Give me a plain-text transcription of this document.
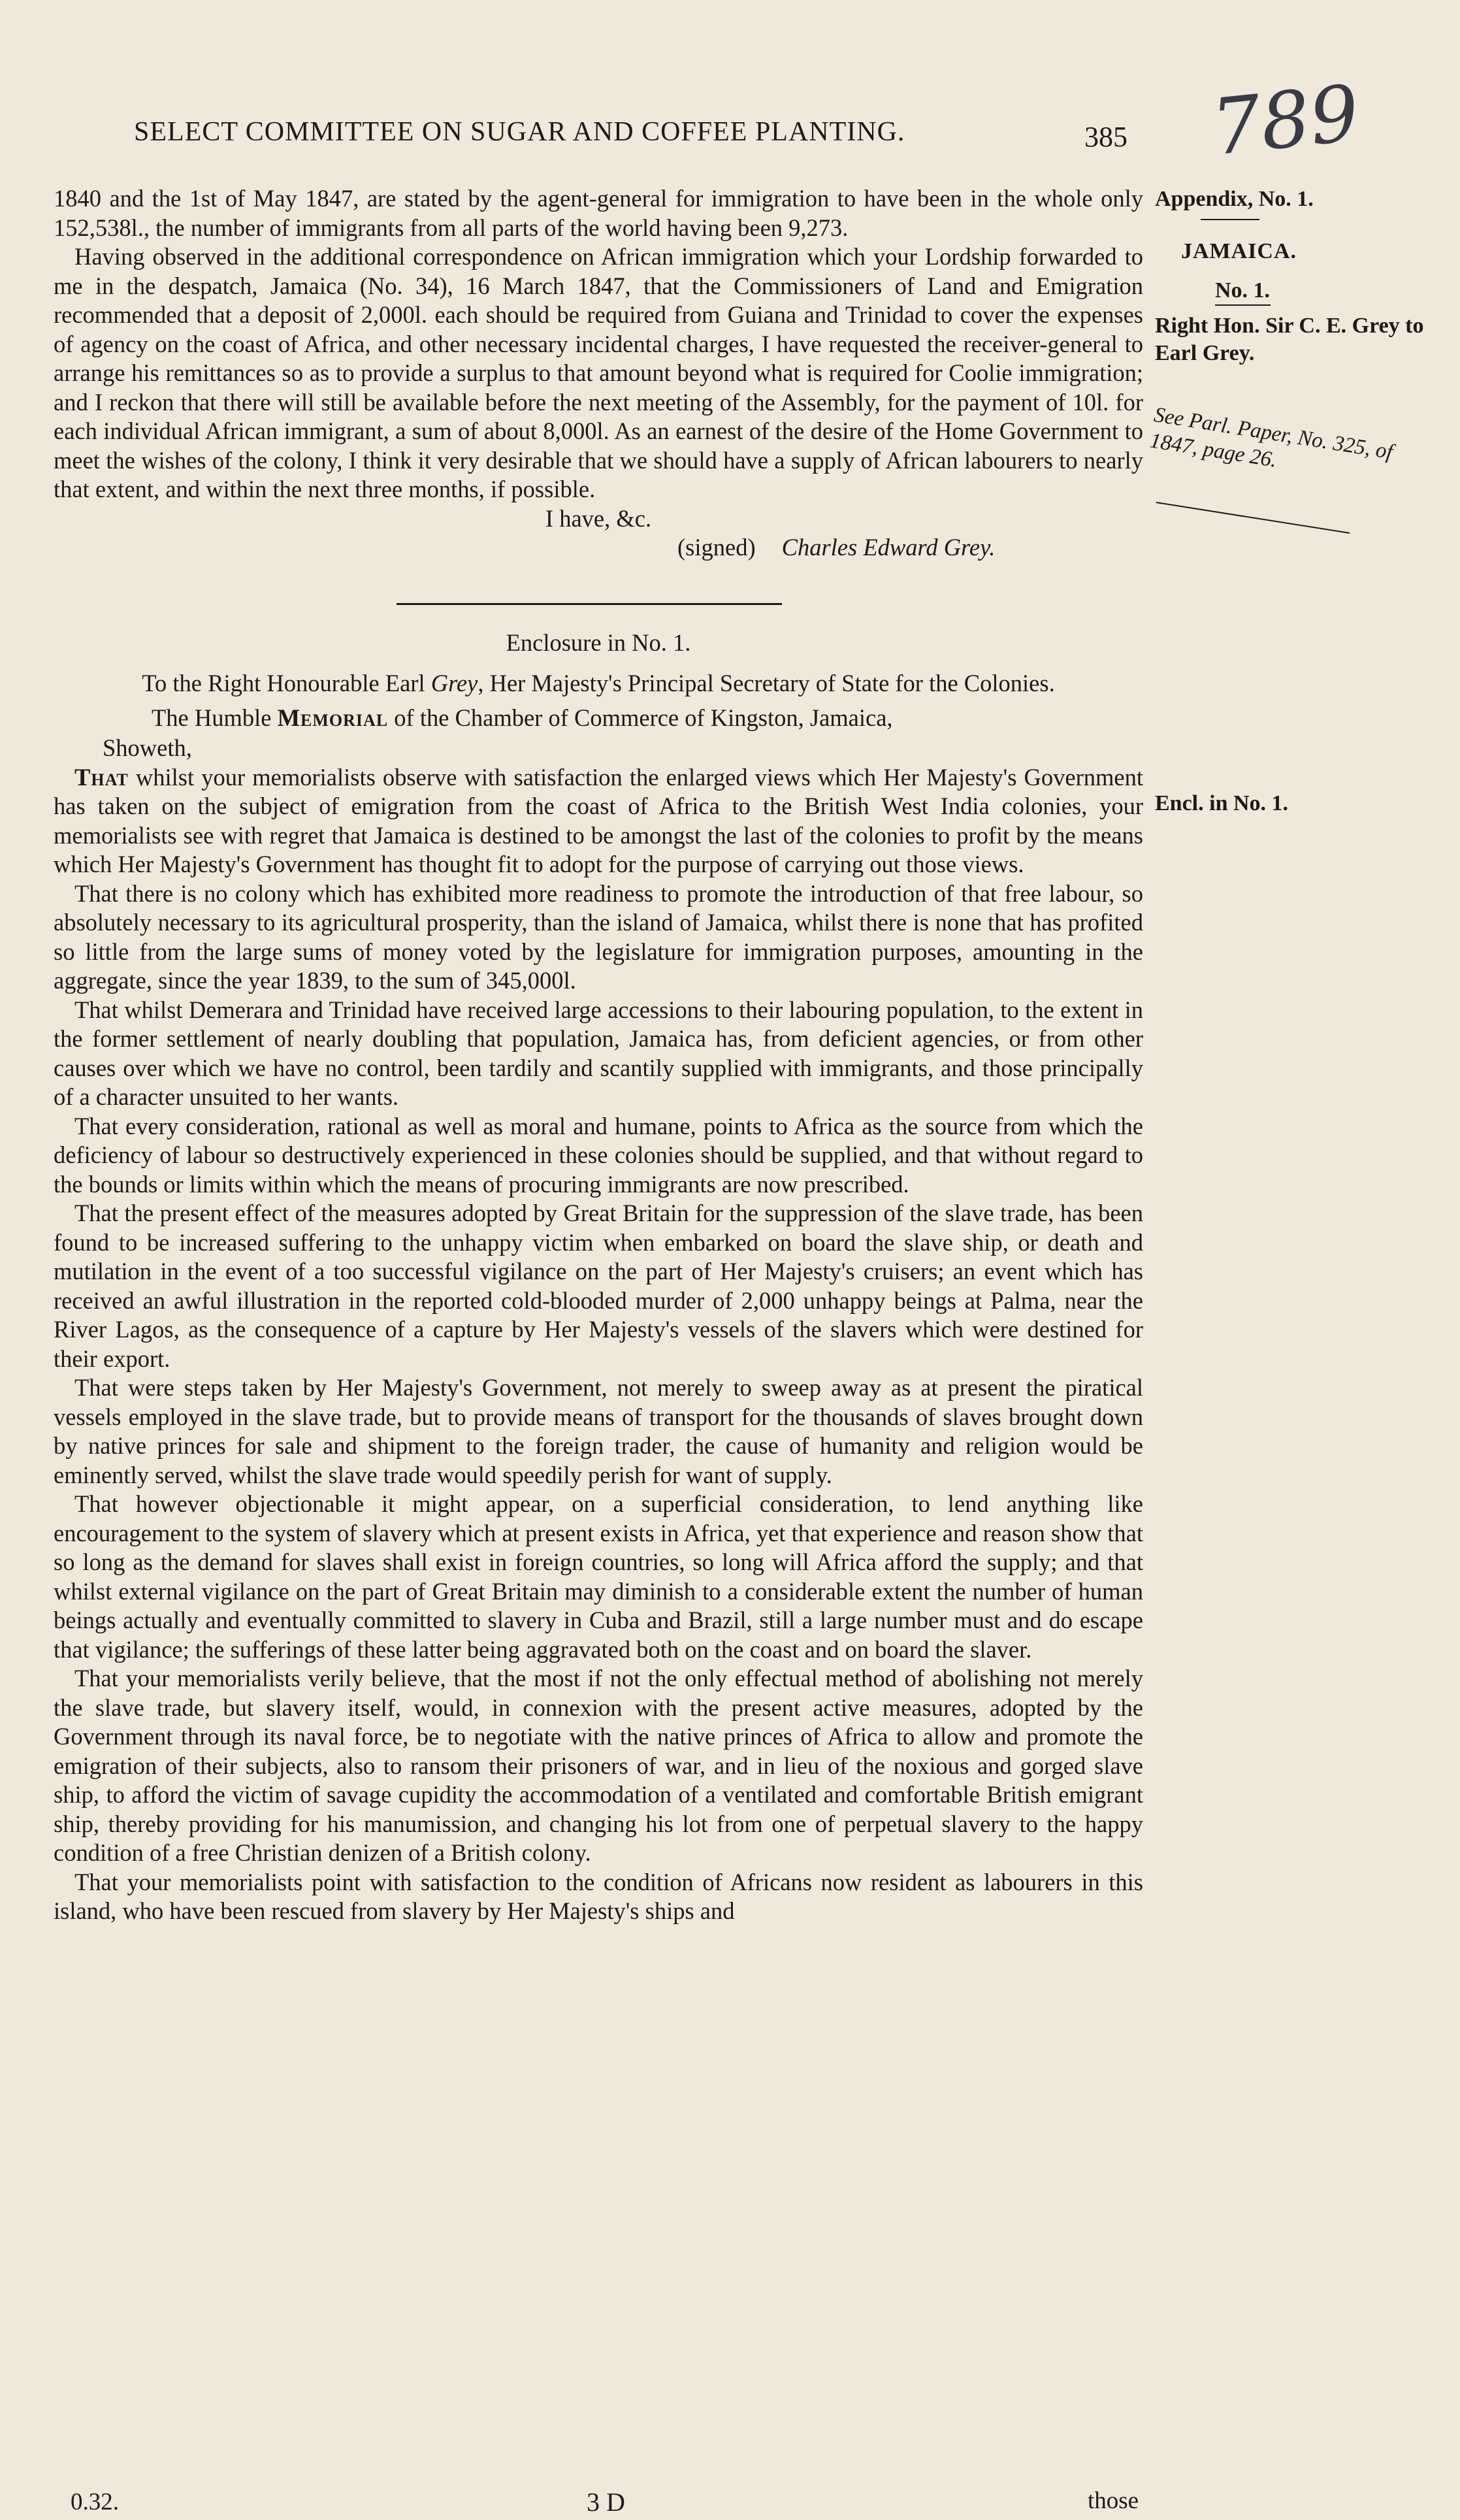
SELECT COMMITTEE ON SUGAR AND COFFEE PLANTING.	385 789
Appendix, No. 1.
JAMAICA.
No. 1.
Right Hon. Sir C. E. Grey to Earl Grey.
See Parl. Paper, No. 325, of 1847, page 26.
Encl. in No. 1.

1840 and the 1st of May 1847, are stated by the agent-general for immigration to have been in the whole only 152,538l., the number of immigrants from all parts of the world having been 9,273.

Having observed in the additional correspondence on African immigration which your Lordship forwarded to me in the despatch, Jamaica (No. 34), 16 March 1847, that the Commissioners of Land and Emigration recommended that a deposit of 2,000l. each should be required from Guiana and Trinidad to cover the expenses of agency on the coast of Africa, and other necessary incidental charges, I have requested the receiver-general to arrange his remittances so as to provide a surplus to that amount beyond what is required for Coolie immigration; and I reckon that there will still be available before the next meeting of the Assembly, for the payment of 10l. for each individual African immigrant, a sum of about 8,000l. As an earnest of the desire of the Home Government to meet the wishes of the colony, I think it very desirable that we should have a supply of African labourers to nearly that extent, and within the next three months, if possible.

I have, &c.

(signed) Charles Edward Grey.

Enclosure in No. 1.

To the Right Honourable Earl Grey, Her Majesty's Principal Secretary of State for the Colonies.

The Humble Memorial of the Chamber of Commerce of Kingston, Jamaica,

Showeth,

That whilst your memorialists observe with satisfaction the enlarged views which Her Majesty's Government has taken on the subject of emigration from the coast of Africa to the British West India colonies, your memorialists see with regret that Jamaica is destined to be amongst the last of the colonies to profit by the means which Her Majesty's Government has thought fit to adopt for the purpose of carrying out those views.

That there is no colony which has exhibited more readiness to promote the introduction of that free labour, so absolutely necessary to its agricultural prosperity, than the island of Jamaica, whilst there is none that has profited so little from the large sums of money voted by the legislature for immigration purposes, amounting in the aggregate, since the year 1839, to the sum of 345,000l.

That whilst Demerara and Trinidad have received large accessions to their labouring population, to the extent in the former settlement of nearly doubling that population, Jamaica has, from deficient agencies, or from other causes over which we have no control, been tardily and scantily supplied with immigrants, and those principally of a character unsuited to her wants.

That every consideration, rational as well as moral and humane, points to Africa as the source from which the deficiency of labour so destructively experienced in these colonies should be supplied, and that without regard to the bounds or limits within which the means of procuring immigrants are now prescribed.

That the present effect of the measures adopted by Great Britain for the suppression of the slave trade, has been found to be increased suffering to the unhappy victim when embarked on board the slave ship, or death and mutilation in the event of a too successful vigilance on the part of Her Majesty's cruisers; an event which has received an awful illustration in the reported cold-blooded murder of 2,000 unhappy beings at Palma, near the River Lagos, as the consequence of a capture by Her Majesty's vessels of the slavers which were destined for their export.

That were steps taken by Her Majesty's Government, not merely to sweep away as at present the piratical vessels employed in the slave trade, but to provide means of transport for the thousands of slaves brought down by native princes for sale and shipment to the foreign trader, the cause of humanity and religion would be eminently served, whilst the slave trade would speedily perish for want of supply.

That however objectionable it might appear, on a superficial consideration, to lend anything like encouragement to the system of slavery which at present exists in Africa, yet that experience and reason show that so long as the demand for slaves shall exist in foreign countries, so long will Africa afford the supply; and that whilst external vigilance on the part of Great Britain may diminish to a considerable extent the number of human beings actually and eventually committed to slavery in Cuba and Brazil, still a large number must and do escape that vigilance; the sufferings of these latter being aggravated both on the coast and on board the slaver.

That your memorialists verily believe, that the most if not the only effectual method of abolishing not merely the slave trade, but slavery itself, would, in connexion with the present active measures, adopted by the Government through its naval force, be to negotiate with the native princes of Africa to allow and promote the emigration of their subjects, also to ransom their prisoners of war, and in lieu of the noxious and gorged slave ship, to afford the victim of savage cupidity the accommodation of a ventilated and comfortable British emigrant ship, thereby providing for his manumission, and changing his lot from one of perpetual slavery to the happy condition of a free Christian denizen of a British colony.

That your memorialists point with satisfaction to the condition of Africans now resident as labourers in this island, who have been rescued from slavery by Her Majesty's ships and

0.32.	3 D	those
